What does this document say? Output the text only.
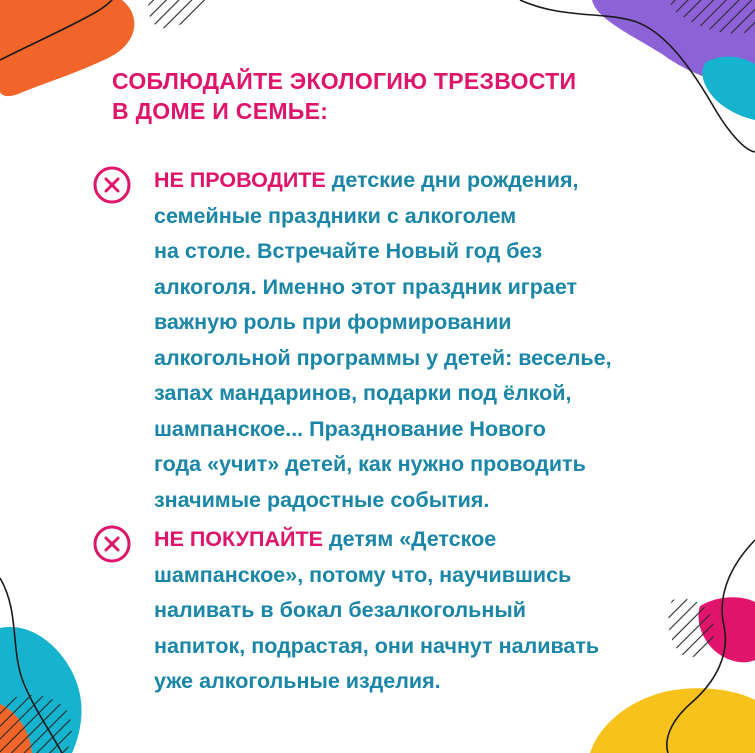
СОБЛЮДАЙТЕ ЭКОЛОГИЮ ТРЕЗВОСТИ
В ДОМЕ И СЕМЬЕ:
НЕ ПРОВОДИТЕ детские дни рождения,
семейные праздники с алкоголем
на столе. Встречайте Новый год без
алкоголя. Именно этот праздник играет
важную роль при формировании
алкогольной программы у детей: веселье,
запах мандаринов, подарки под ёлкой,
шампанское... Празднование Нового
года «учит» детей, как нужно проводить
значимые радостные события.
НЕ ПОКУПАЙТЕ детям «Детское
шампанское», потому что, научившись
наливать в бокал безалкогольный
напиток, подрастая, они начнут наливать
уже алкогольные изделия.
